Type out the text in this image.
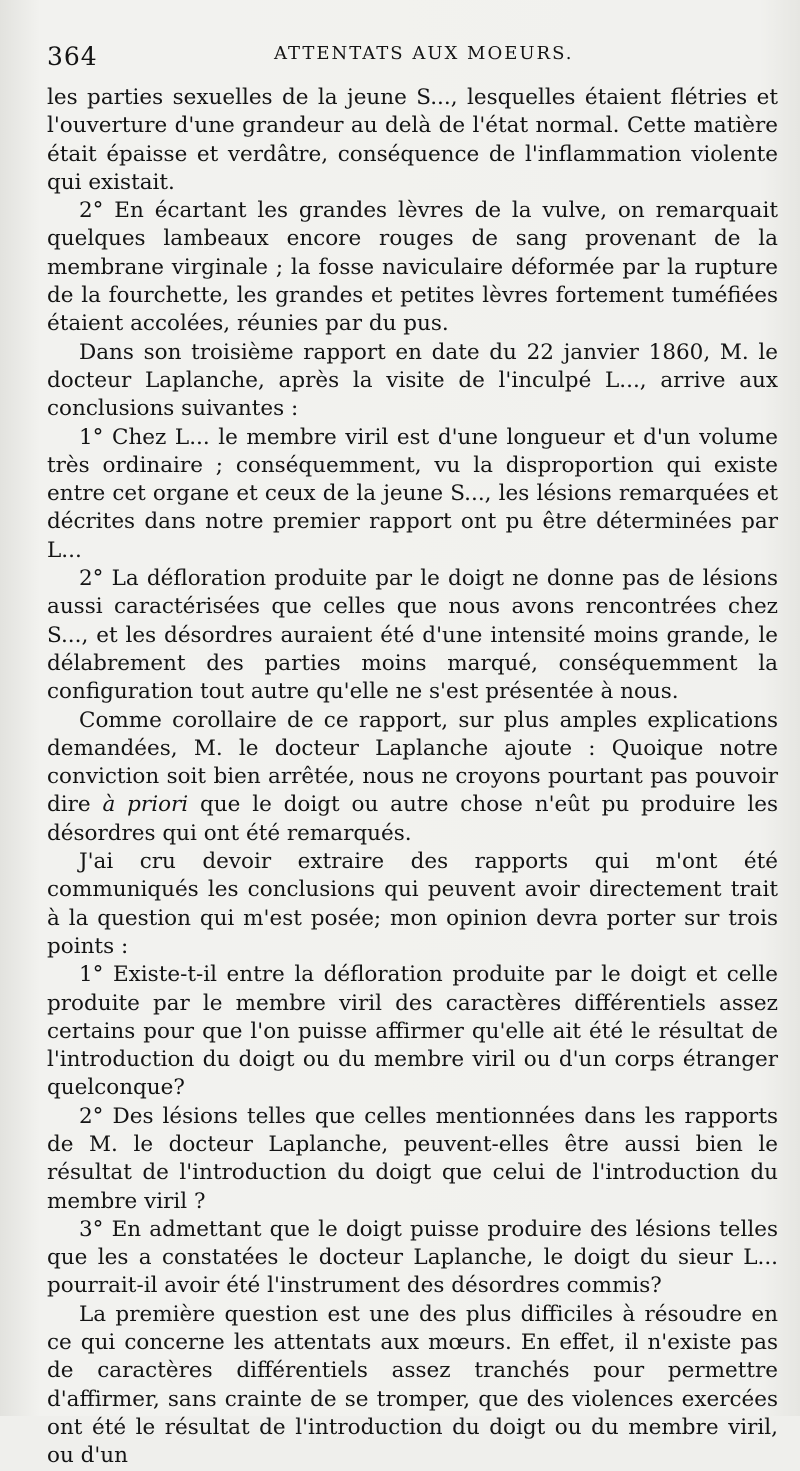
364	ATTENTATS AUX MOEURS.

les parties sexuelles de la jeune S..., lesquelles étaient flétries et l'ouverture d'une grandeur au delà de l'état normal. Cette matière était épaisse et verdâtre, conséquence de l'inflammation violente qui existait.

2° En écartant les grandes lèvres de la vulve, on remarquait quelques lambeaux encore rouges de sang provenant de la membrane virginale ; la fosse naviculaire déformée par la rupture de la fourchette, les grandes et petites lèvres fortement tuméfiées étaient accolées, réunies par du pus.

Dans son troisième rapport en date du 22 janvier 1860, M. le docteur Laplanche, après la visite de l'inculpé L..., arrive aux conclusions suivantes :

1° Chez L... le membre viril est d'une longueur et d'un volume très ordinaire ; conséquemment, vu la disproportion qui existe entre cet organe et ceux de la jeune S..., les lésions remarquées et décrites dans notre premier rapport ont pu être déterminées par L...

2° La défloration produite par le doigt ne donne pas de lésions aussi caractérisées que celles que nous avons rencontrées chez S..., et les désordres auraient été d'une intensité moins grande, le délabrement des parties moins marqué, conséquemment la configuration tout autre qu'elle ne s'est présentée à nous.

Comme corollaire de ce rapport, sur plus amples explications demandées, M. le docteur Laplanche ajoute : Quoique notre conviction soit bien arrêtée, nous ne croyons pourtant pas pouvoir dire à priori que le doigt ou autre chose n'eût pu produire les désordres qui ont été remarqués.

J'ai cru devoir extraire des rapports qui m'ont été communiqués les conclusions qui peuvent avoir directement trait à la question qui m'est posée; mon opinion devra porter sur trois points :

1° Existe-t-il entre la défloration produite par le doigt et celle produite par le membre viril des caractères différentiels assez certains pour que l'on puisse affirmer qu'elle ait été le résultat de l'introduction du doigt ou du membre viril ou d'un corps étranger quelconque?

2° Des lésions telles que celles mentionnées dans les rapports de M. le docteur Laplanche, peuvent-elles être aussi bien le résultat de l'introduction du doigt que celui de l'introduction du membre viril ?

3° En admettant que le doigt puisse produire des lésions telles que les a constatées le docteur Laplanche, le doigt du sieur L... pourrait-il avoir été l'instrument des désordres commis?

La première question est une des plus difficiles à résoudre en ce qui concerne les attentats aux mœurs. En effet, il n'existe pas de caractères différentiels assez tranchés pour permettre d'affirmer, sans crainte de se tromper, que des violences exercées ont été le résultat de l'introduction du doigt ou du membre viril, ou d'un
